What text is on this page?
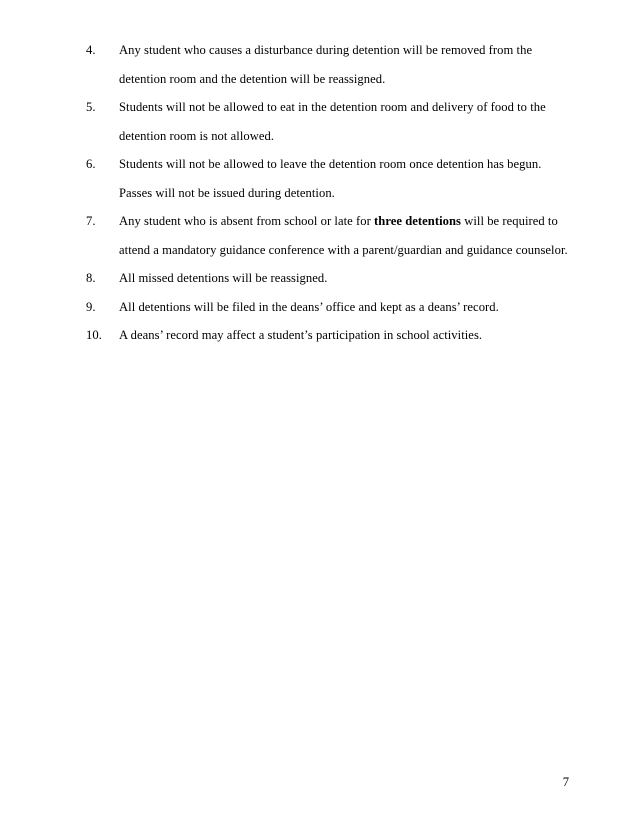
4.	Any student who causes a disturbance during detention will be removed from the
detention room and the detention will be reassigned.
5.	Students will not be allowed to eat in the detention room and delivery of food to the
detention room is not allowed.
6.	Students will not be allowed to leave the detention room once detention has begun.
Passes will not be issued during detention.
7.	Any student who is absent from school or late for three detentions will be required to
attend a mandatory guidance conference with a parent/guardian and guidance counselor.
8.	All missed detentions will be reassigned.
9.	All detentions will be filed in the deans’ office and kept as a deans’ record.
10.	A deans’ record may affect a student’s participation in school activities.
7
